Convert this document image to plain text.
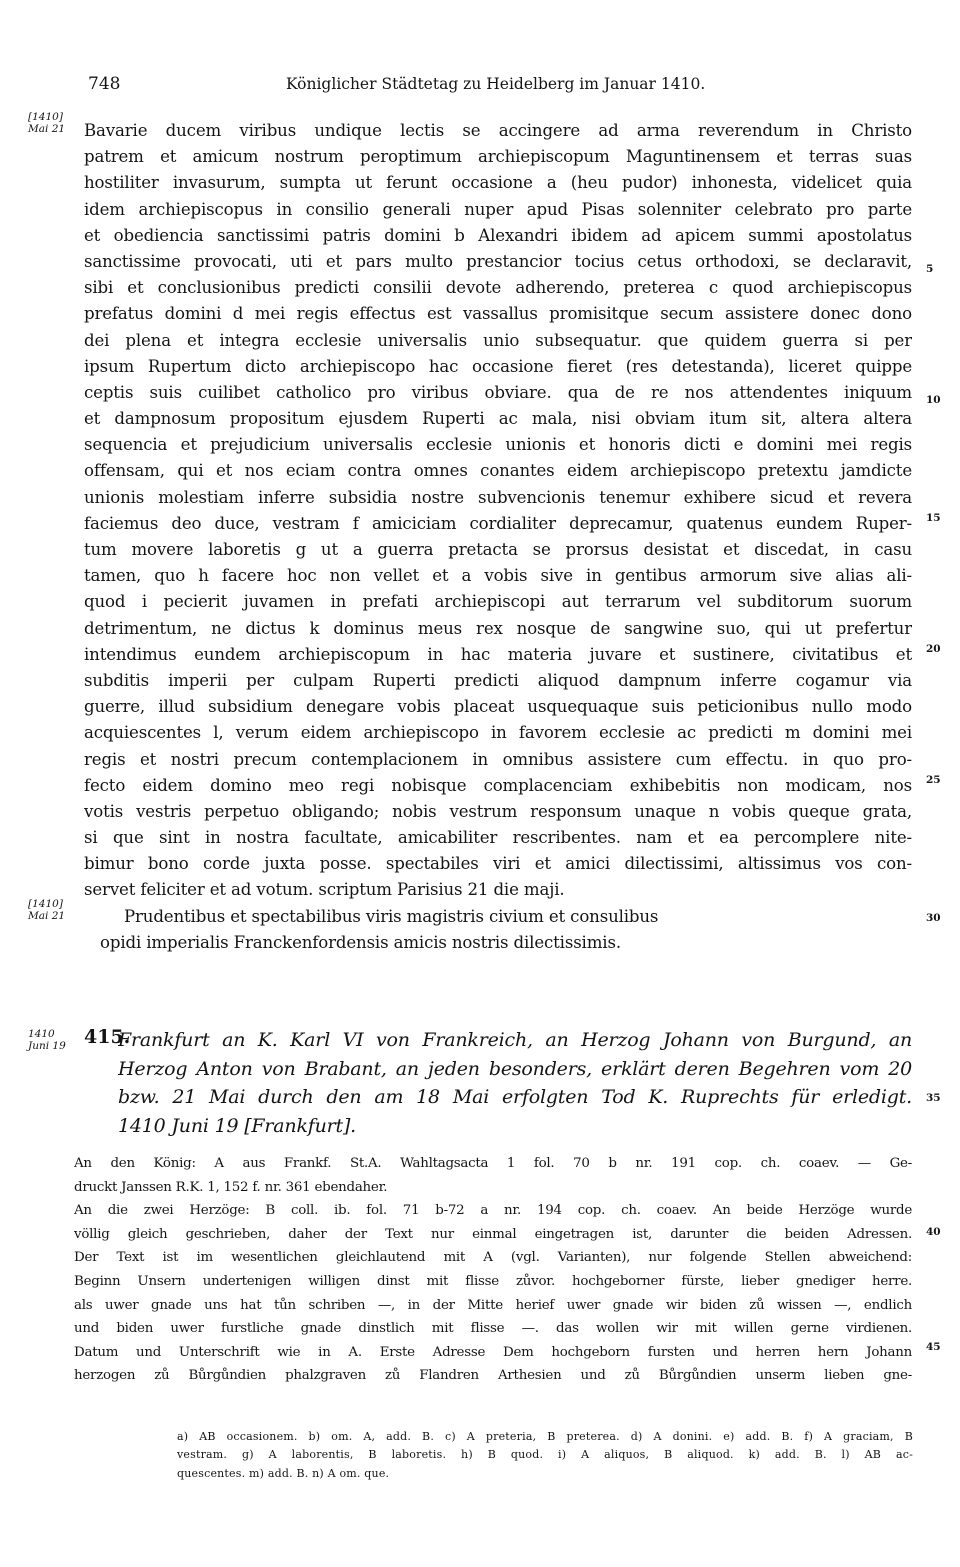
748	Königlicher Städtetag zu Heidelberg im Januar 1410.
[1410]
Mai 21
[1410]
Mai 21
1410
Juni 19
5
10
15
20
25
30
35
40
45
Bavarie ducem viribus undique lectis se accingere ad arma reverendum in Christo
patrem et amicum nostrum peroptimum archiepiscopum Maguntinensem et terras suas
hostiliter invasurum, sumpta ut ferunt occasione a (heu pudor) inhonesta, videlicet quia
idem archiepiscopus in consilio generali nuper apud Pisas solenniter celebrato pro parte
et obediencia sanctissimi patris domini b Alexandri ibidem ad apicem summi apostolatus
sanctissime provocati, uti et pars multo prestancior tocius cetus orthodoxi, se declaravit,
sibi et conclusionibus predicti consilii devote adherendo, preterea c quod archiepiscopus
prefatus domini d mei regis effectus est vassallus promisitque secum assistere donec dono
dei plena et integra ecclesie universalis unio subsequatur. que quidem guerra si per
ipsum Rupertum dicto archiepiscopo hac occasione fieret (res detestanda), liceret quippe
ceptis suis cuilibet catholico pro viribus obviare. qua de re nos attendentes iniquum
et dampnosum propositum ejusdem Ruperti ac mala, nisi obviam itum sit, altera altera
sequencia et prejudicium universalis ecclesie unionis et honoris dicti e domini mei regis
offensam, qui et nos eciam contra omnes conantes eidem archiepiscopo pretextu jamdicte
unionis molestiam inferre subsidia nostre subvencionis tenemur exhibere sicud et revera
faciemus deo duce, vestram f amiciciam cordialiter deprecamur, quatenus eundem Ruper-
tum movere laboretis g ut a guerra pretacta se prorsus desistat et discedat, in casu
tamen, quo h facere hoc non vellet et a vobis sive in gentibus armorum sive alias ali-
quod i pecierit juvamen in prefati archiepiscopi aut terrarum vel subditorum suorum
detrimentum, ne dictus k dominus meus rex nosque de sangwine suo, qui ut prefertur
intendimus eundem archiepiscopum in hac materia juvare et sustinere, civitatibus et
subditis imperii per culpam Ruperti predicti aliquod dampnum inferre cogamur via
guerre, illud subsidium denegare vobis placeat usquequaque suis peticionibus nullo modo
acquiescentes l, verum eidem archiepiscopo in favorem ecclesie ac predicti m domini mei
regis et nostri precum contemplacionem in omnibus assistere cum effectu. in quo pro-
fecto eidem domino meo regi nobisque complacenciam exhibebitis non modicam, nos
votis vestris perpetuo obligando; nobis vestrum responsum unaque n vobis queque grata,
si que sint in nostra facultate, amicabiliter rescribentes. nam et ea percomplere nite-
bimur bono corde juxta posse. spectabiles viri et amici dilectissimi, altissimus vos con-
servet feliciter et ad votum. scriptum Parisius 21 die maji.
Prudentibus et spectabilibus viris magistris civium et consulibus
opidi imperialis Franckenfordensis amicis nostris dilectissimis.
415.
Frankfurt an K. Karl VI von Frankreich, an Herzog Johann von Burgund, an
Herzog Anton von Brabant, an jeden besonders, erklärt deren Begehren vom 20
bzw. 21 Mai durch den am 18 Mai erfolgten Tod K. Ruprechts für erledigt.
1410 Juni 19 [Frankfurt].
An den König: A aus Frankf. St.A. Wahltagsacta 1 fol. 70 b nr. 191 cop. ch. coaev. — Ge-
druckt Janssen R.K. 1, 152 f. nr. 361 ebendaher.
An die zwei Herzöge: B coll. ib. fol. 71 b-72 a nr. 194 cop. ch. coaev. An beide Herzöge wurde
völlig gleich geschrieben, daher der Text nur einmal eingetragen ist, darunter die beiden Adressen.
Der Text ist im wesentlichen gleichlautend mit A (vgl. Varianten), nur folgende Stellen abweichend:
Beginn Unsern undertenigen willigen dinst mit flisse zůvor. hochgeborner fürste, lieber gnediger herre.
als uwer gnade uns hat tůn schriben —, in der Mitte herief uwer gnade wir biden zů wissen —, endlich
und biden uwer furstliche gnade dinstlich mit flisse —. das wollen wir mit willen gerne virdienen.
Datum und Unterschrift wie in A. Erste Adresse Dem hochgeborn fursten und herren hern Johann
herzogen zů Bůrgůndien phalzgraven zů Flandren Arthesien und zů Bůrgůndien unserm lieben gne-
a) AB occasionem. b) om. A, add. B. c) A preteria, B preterea. d) A donini. e) add. B. f) A graciam, B
vestram. g) A laborentis, B laboretis. h) B quod. i) A aliquos, B aliquod. k) add. B. l) AB ac-
quescentes. m) add. B. n) A om. que.
